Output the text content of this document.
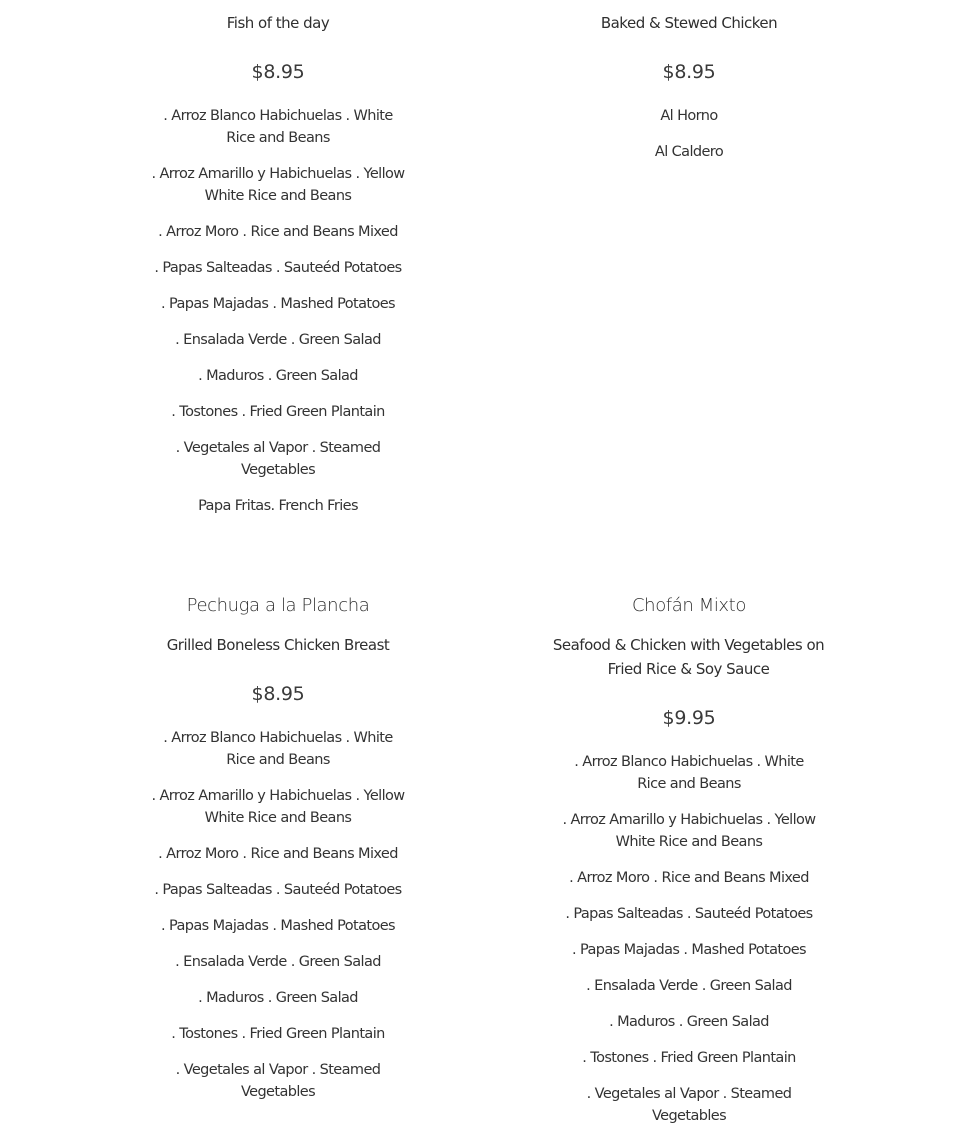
Fish of the day
$8.95
. Arroz Blanco Habichuelas . White Rice and Beans
. Arroz Amarillo y Habichuelas . Yellow White Rice and Beans
. Arroz Moro . Rice and Beans Mixed
. Papas Salteadas . Sauteéd Potatoes
. Papas Majadas . Mashed Potatoes
. Ensalada Verde . Green Salad
. Maduros . Green Salad
. Tostones . Fried Green Plantain
. Vegetales al Vapor . Steamed Vegetables
Papa Fritas. French Fries
Baked & Stewed Chicken
$8.95
Al Horno
Al Caldero
Pechuga a la Plancha
Grilled Boneless Chicken Breast
$8.95
. Arroz Blanco Habichuelas . White Rice and Beans
. Arroz Amarillo y Habichuelas . Yellow White Rice and Beans
. Arroz Moro . Rice and Beans Mixed
. Papas Salteadas . Sauteéd Potatoes
. Papas Majadas . Mashed Potatoes
. Ensalada Verde . Green Salad
. Maduros . Green Salad
. Tostones . Fried Green Plantain
. Vegetales al Vapor . Steamed Vegetables
Chofán Mixto
Seafood & Chicken with Vegetables on Fried Rice & Soy Sauce
$9.95
. Arroz Blanco Habichuelas . White Rice and Beans
. Arroz Amarillo y Habichuelas . Yellow White Rice and Beans
. Arroz Moro . Rice and Beans Mixed
. Papas Salteadas . Sauteéd Potatoes
. Papas Majadas . Mashed Potatoes
. Ensalada Verde . Green Salad
. Maduros . Green Salad
. Tostones . Fried Green Plantain
. Vegetales al Vapor . Steamed Vegetables
